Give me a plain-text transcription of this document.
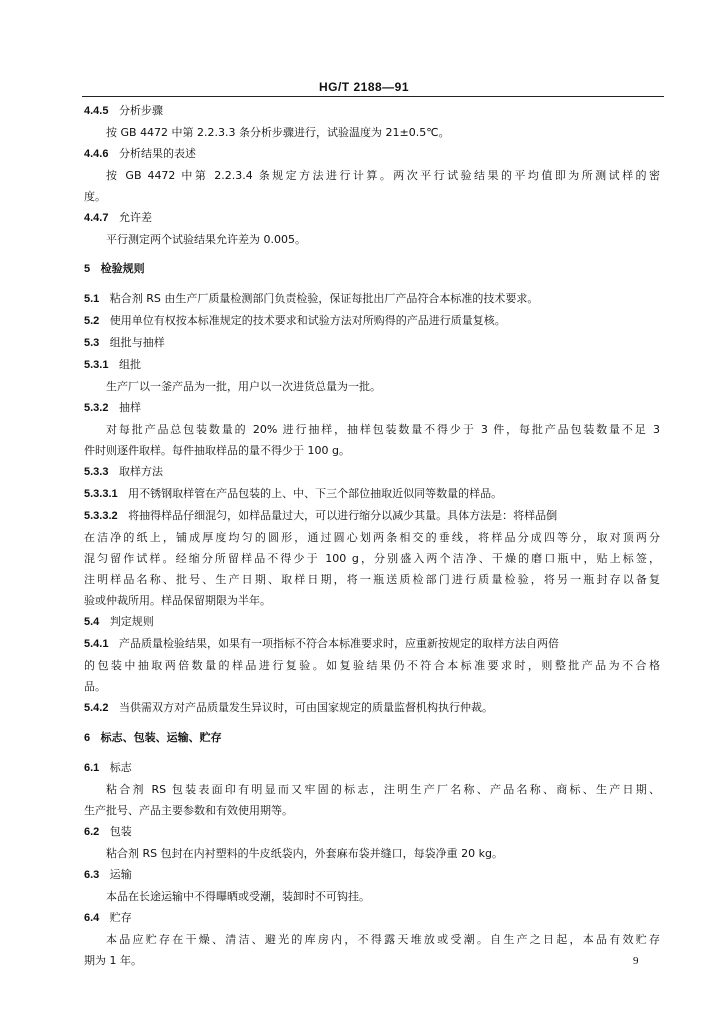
HG/T 2188—91

4.4.5 分析步骤

按 GB 4472 中第 2.2.3.3 条分析步骤进行，试验温度为 21±0.5℃。

4.4.6 分析结果的表述

按 GB 4472 中第 2.2.3.4 条规定方法进行计算。两次平行试验结果的平均值即为所测试样的密

度。

4.4.7 允许差

平行测定两个试验结果允许差为 0.005。

5 检验规则

5.1 粘合剂 RS 由生产厂质量检测部门负责检验，保证每批出厂产品符合本标准的技术要求。

5.2 使用单位有权按本标准规定的技术要求和试验方法对所购得的产品进行质量复核。

5.3 组批与抽样

5.3.1 组批

生产厂以一釜产品为一批，用户以一次进货总量为一批。

5.3.2 抽样

对每批产品总包装数量的 20% 进行抽样，抽样包装数量不得少于 3 件，每批产品包装数量不足 3

件时则逐件取样。每件抽取样品的量不得少于 100 g。

5.3.3 取样方法

5.3.3.1 用不锈钢取样管在产品包装的上、中、下三个部位抽取近似同等数量的样品。

5.3.3.2 将抽得样品仔细混匀，如样品量过大，可以进行缩分以减少其量。具体方法是：将样品倒

在洁净的纸上，铺成厚度均匀的圆形，通过圆心划两条相交的垂线，将样品分成四等分，取对顶两分

混匀留作试样。经缩分所留样品不得少于 100 g，分别盛入两个洁净、干燥的磨口瓶中，贴上标签，

注明样品名称、批号、生产日期、取样日期，将一瓶送质检部门进行质量检验，将另一瓶封存以备复

验或仲裁所用。样品保留期限为半年。

5.4 判定规则

5.4.1 产品质量检验结果，如果有一项指标不符合本标准要求时，应重新按规定的取样方法自两倍

的包装中抽取两倍数量的样品进行复验。如复验结果仍不符合本标准要求时，则整批产品为不合格

品。

5.4.2 当供需双方对产品质量发生异议时，可由国家规定的质量监督机构执行仲裁。

6 标志、包装、运输、贮存

6.1 标志

粘合剂 RS 包装表面印有明显而又牢固的标志，注明生产厂名称、产品名称、商标、生产日期、

生产批号、产品主要参数和有效使用期等。

6.2 包装

粘合剂 RS 包封在内衬塑料的牛皮纸袋内，外套麻布袋并缝口，每袋净重 20 kg。

6.3 运输

本品在长途运输中不得曝晒或受潮，装卸时不可钩挂。

6.4 贮存

本品应贮存在干燥、清洁、避光的库房内，不得露天堆放或受潮。自生产之日起，本品有效贮存

期为 1 年。	9
